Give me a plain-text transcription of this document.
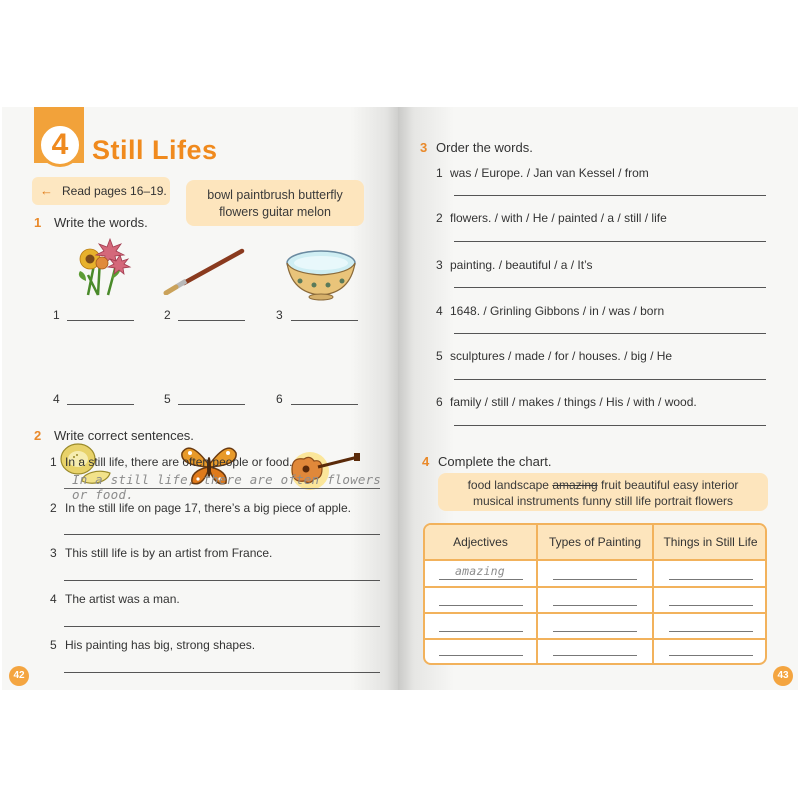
4 Still Lifes
← Read pages 16–19.	bowl paintbrush butterfly
flowers guitar melon
1 Write the words.
1	2	3
4	5	6
2 Write correct sentences.
1 In a still life, there are often people or food.
In a still life, there are often flowers or food.
2 In the still life on page 17, there’s a big piece of apple.
3 This still life is by an artist from France.
4 The artist was a man.
5 His painting has big, strong shapes.
42
3 Order the words.
1 was / Europe. / Jan van Kessel / from
2 flowers. / with / He / painted / a / still / life
3 painting. / beautiful / a / It’s
4 1648. / Grinling Gibbons / in / was / born
5 sculptures / made / for / houses. / big / He
6 family / still / makes / things / His / with / wood.
4 Complete the chart.
food landscape amazing fruit beautiful easy interior
musical instruments funny still life portrait flowers
Adjectives	Types of Painting	Things in Still Life
amazing
43
